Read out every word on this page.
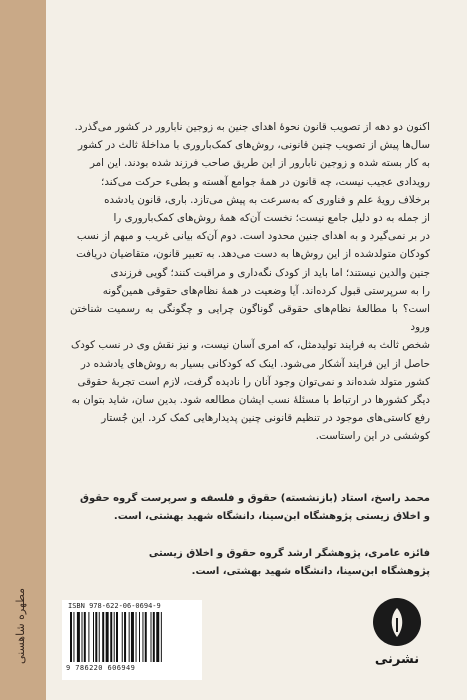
مطهره شاهسنی

اکنون دو دهه از تصویب قانون نحوهٔ اهدای جنین به زوجین نابارور در کشور می‌گذرد.

سال‌ها پیش از تصویب چنین قانونی، روش‌های کمک‌باروری با مداخلهٔ ثالث در کشور

به کار بسته شده و زوجین نابارور از این طریق صاحب فرزند شده بودند. این امر

رویدادی عجیب نیست، چه قانون در همهٔ جوامع آهسته و بطیء حرکت می‌کند؛

برخلاف رویهٔ علم و فناوری که به‌سرعت به پیش می‌تازد. باری، قانون یادشده

از جمله به دو دلیل جامع نیست؛ نخست آن‌که همهٔ روش‌های کمک‌باروری را

در بر نمی‌گیرد و به اهدای جنین محدود است. دوم آن‌که بیانی غریب و مبهم از نسب

کودکان متولدشده از این روش‌ها به دست می‌دهد. به تعبیر قانون، متقاضیان دریافت

جنین والدین نیستند؛ اما باید از کودک نگه‌داری و مراقبت کنند؛ گویی فرزندی

را به سرپرستی قبول کرده‌اند. آیا وضعیت در همهٔ نظام‌های حقوقی همین‌گونه

است؟ با مطالعهٔ نظام‌های حقوقی گوناگون چرایی و چگونگی به رسمیت شناختن ورود

شخص ثالث به فرایند تولیدمثل، که امری آسان نیست، و نیز نقش وی در نسب کودک

حاصل از این فرایند آشکار می‌شود. اینک که کودکانی بسیار به روش‌های یادشده در

کشور متولد شده‌اند و نمی‌توان وجود آنان را نادیده گرفت، لازم است تجربهٔ حقوقی

دیگر کشورها در ارتباط با مسئلهٔ نسب ایشان مطالعه شود. بدین سان، شاید بتوان به

رفع کاستی‌های موجود در تنظیم قانونی چنین پدیدارهایی کمک کرد. این جُستار

کوششی در این راستاست.

محمد راسخ، استاد (بازنشسته) حقوق و فلسفه و سرپرست گروه حقوق

و اخلاق زیستی پژوهشگاه ابن‌سینا، دانشگاه شهید بهشتی، است.

فائزه عامری، پژوهشگر ارشد گروه حقوق و اخلاق زیستی

پژوهشگاه ابن‌سینا، دانشگاه شهید بهشتی، است.

ISBN 978-622-06-0694-9
9 786220 606949
نشرنی
